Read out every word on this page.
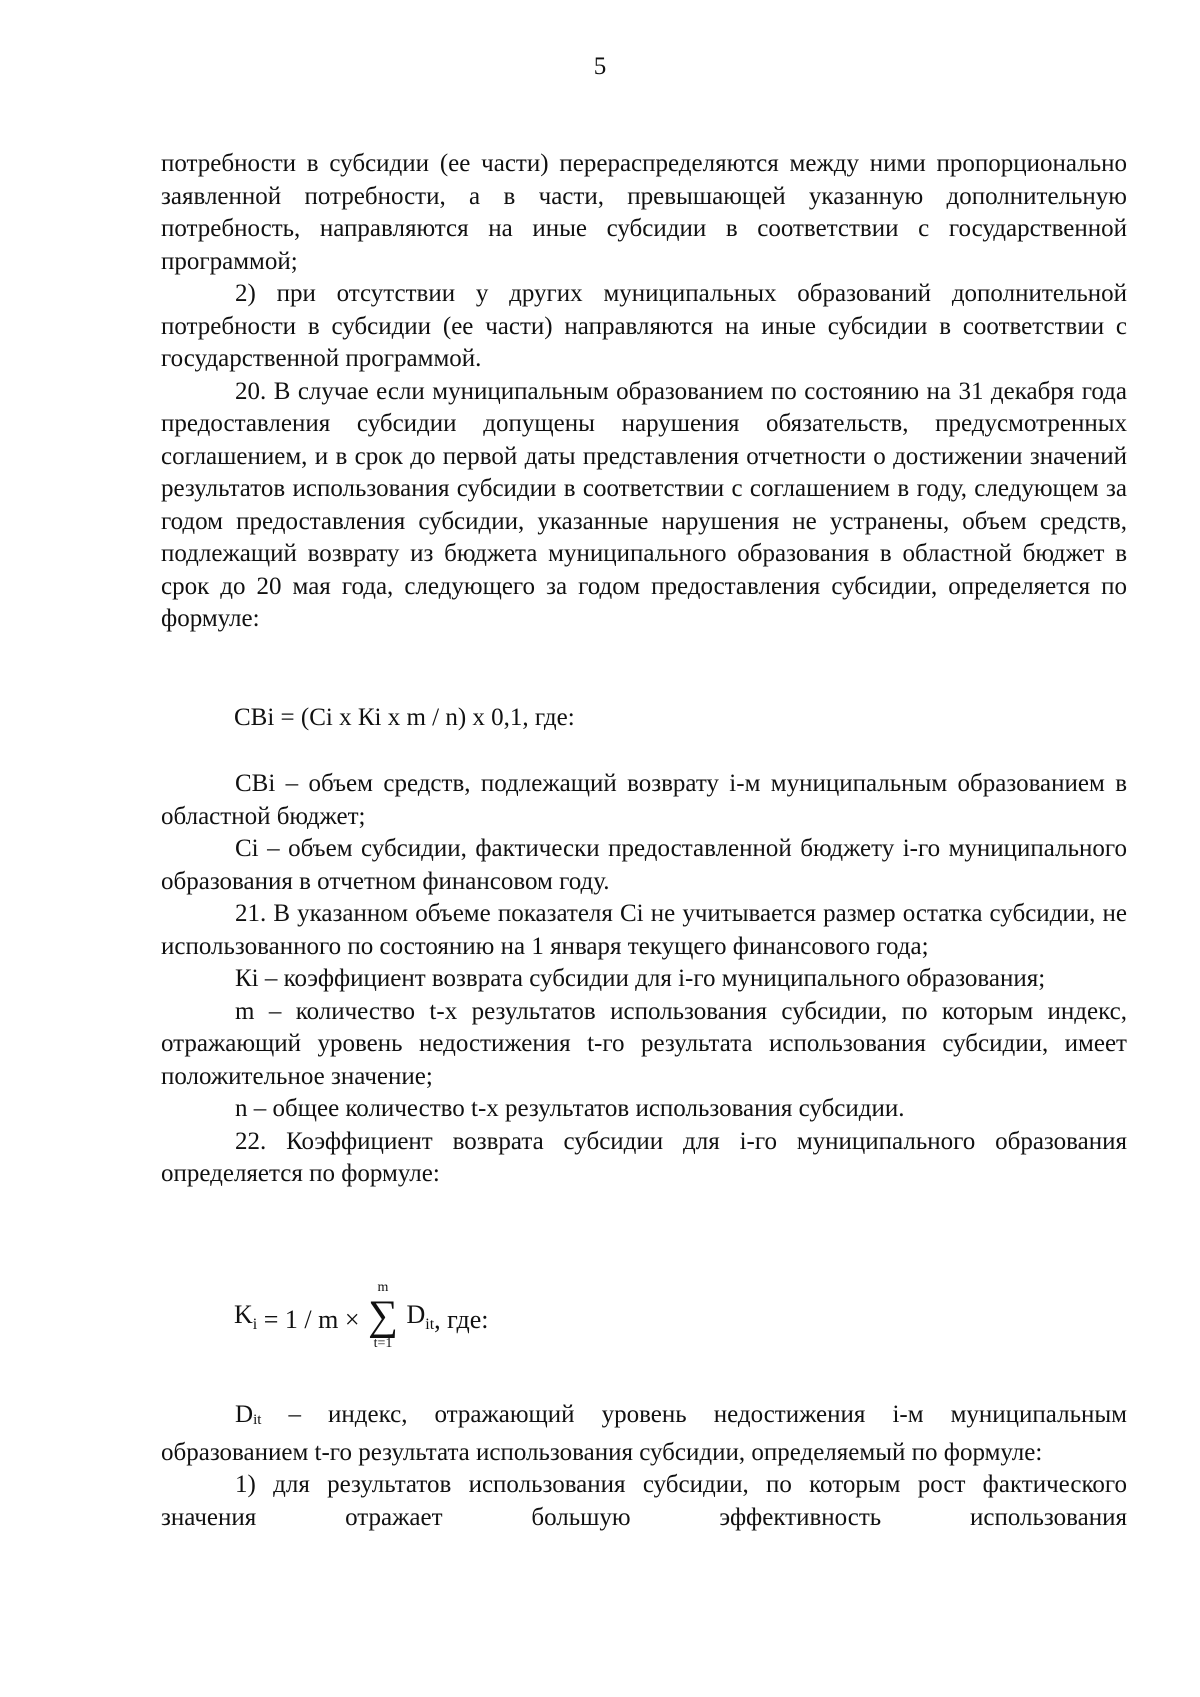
5

потребности в субсидии (ее части) перераспределяются между ними пропорционально заявленной потребности, а в части, превышающей указанную дополнительную потребность, направляются на иные субсидии в соответствии с государственной программой;

2) при отсутствии у других муниципальных образований дополнительной потребности в субсидии (ее части) направляются на иные субсидии в соответствии с государственной программой.

20. В случае если муниципальным образованием по состоянию на 31 декабря года предоставления субсидии допущены нарушения обязательств, предусмотренных соглашением, и в срок до первой даты представления отчетности о достижении значений результатов использования субсидии в соответствии с соглашением в году, следующем за годом предоставления субсидии, указанные нарушения не устранены, объем средств, подлежащий возврату из бюджета муниципального образования в областной бюджет в срок до 20 мая года, следующего за годом предоставления субсидии, определяется по формуле:

СВi = (Сi х Кi х m / n) х 0,1, где:

СВi – объем средств, подлежащий возврату i-м муниципальным образованием в областной бюджет;

Сi – объем субсидии, фактически предоставленной бюджету i-го муниципального образования в отчетном финансовом году.

21. В указанном объеме показателя Сi не учитывается размер остатка субсидии, не использованного по состоянию на 1 января текущего финансового года;

Кi – коэффициент возврата субсидии для i-го муниципального образования;

m – количество t-х результатов использования субсидии, по которым индекс, отражающий уровень недостижения t-го результата использования субсидии, имеет положительное значение;

n – общее количество t-х результатов использования субсидии.

22. Коэффициент возврата субсидии для i-го муниципального образования определяется по формуле:

$K_i = 1 / m$ ×
m
∑
t=1
$D_{it}$, где:

Dit – индекс, отражающий уровень недостижения i-м муниципальным образованием t-го результата использования субсидии, определяемый по формуле:

1) для результатов использования субсидии, по которым рост фактического значения отражает большую эффективность использования
